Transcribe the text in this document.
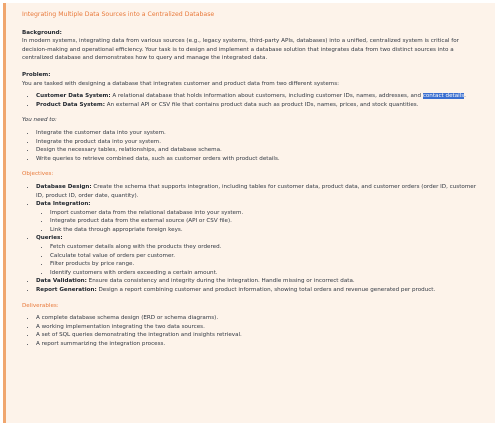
Integrating Multiple Data Sources into a Centralized Database
Background:

In modern systems, integrating data from various sources (e.g., legacy systems, third-party APIs, databases) into a unified, centralized system is critical for decision-making and operational efficiency. Your task is to design and implement a database solution that integrates data from two distinct sources into a centralized database and demonstrates how to query and manage the integrated data.

Problem:

You are tasked with designing a database that integrates customer and product data from two different systems:

• Customer Data System: A relational database that holds information about customers, including customer IDs, names, addresses, and contact details.
• Product Data System: An external API or CSV file that contains product data such as product IDs, names, prices, and stock quantities.
You need to:
• Integrate the customer data into your system.
• Integrate the product data into your system.
• Design the necessary tables, relationships, and database schema.
• Write queries to retrieve combined data, such as customer orders with product details.
Objectives:
• Database Design: Create the schema that supports integration, including tables for customer data, product data, and customer orders (order ID, customer ID, product ID, order date, quantity).
• Data Integration:
• Import customer data from the relational database into your system.
• Integrate product data from the external source (API or CSV file).
• Link the data through appropriate foreign keys.
• Queries:
• Fetch customer details along with the products they ordered.
• Calculate total value of orders per customer.
• Filter products by price range.
• Identify customers with orders exceeding a certain amount.
• Data Validation: Ensure data consistency and integrity during the integration. Handle missing or incorrect data.
• Report Generation: Design a report combining customer and product information, showing total orders and revenue generated per product.
Deliverables:
• A complete database schema design (ERD or schema diagrams).
• A working implementation integrating the two data sources.
• A set of SQL queries demonstrating the integration and insights retrieval.
• A report summarizing the integration process.
